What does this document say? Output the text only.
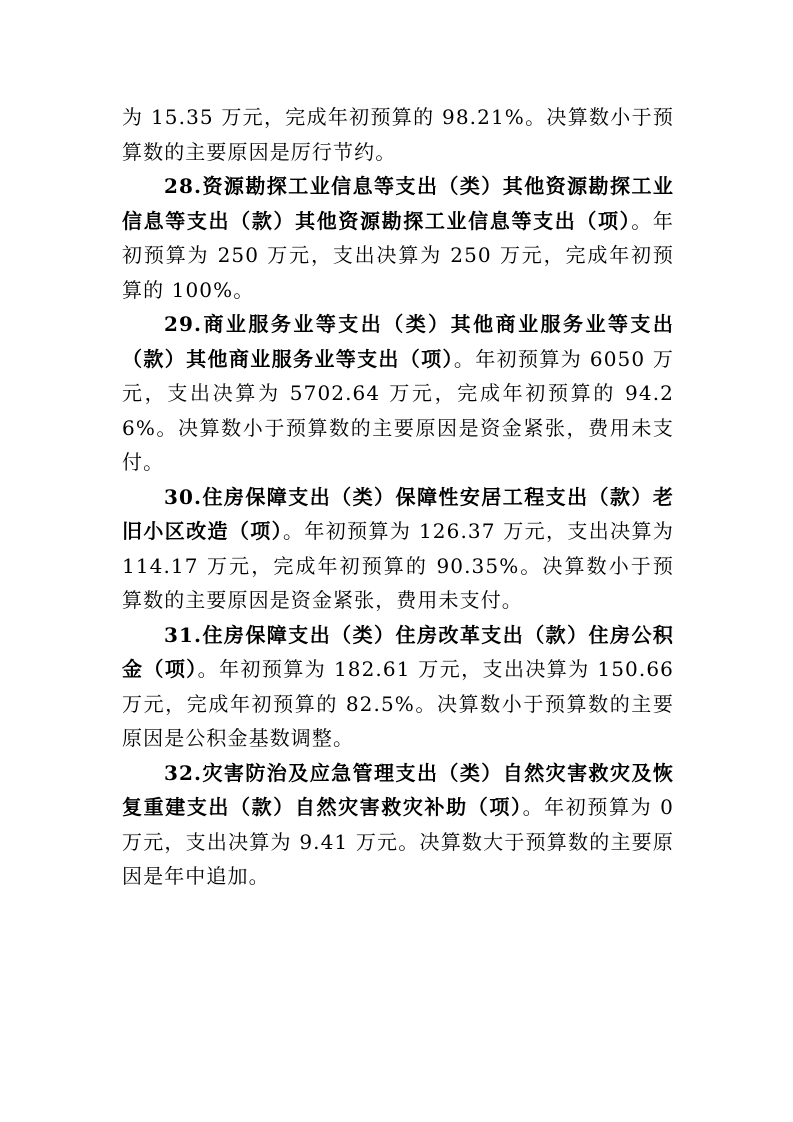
为 15.35 万元，完成年初预算的 98.21%。决算数小于预算数的主要原因是厉行节约。

28.资源勘探工业信息等支出（类）其他资源勘探工业信息等支出（款）其他资源勘探工业信息等支出（项）。年初预算为 250 万元，支出决算为 250 万元，完成年初预算的 100%。

29.商业服务业等支出（类）其他商业服务业等支出（款）其他商业服务业等支出（项）。年初预算为 6050 万元，支出决算为 5702.64 万元，完成年初预算的 94.26%。决算数小于预算数的主要原因是资金紧张，费用未支付。

30.住房保障支出（类）保障性安居工程支出（款）老旧小区改造（项）。年初预算为 126.37 万元，支出决算为 114.17 万元，完成年初预算的 90.35%。决算数小于预算数的主要原因是资金紧张，费用未支付。

31.住房保障支出（类）住房改革支出（款）住房公积金（项）。年初预算为 182.61 万元，支出决算为 150.66 万元，完成年初预算的 82.5%。决算数小于预算数的主要原因是公积金基数调整。

32.灾害防治及应急管理支出（类）自然灾害救灾及恢复重建支出（款）自然灾害救灾补助（项）。年初预算为 0 万元，支出决算为 9.41 万元。决算数大于预算数的主要原因是年中追加。
